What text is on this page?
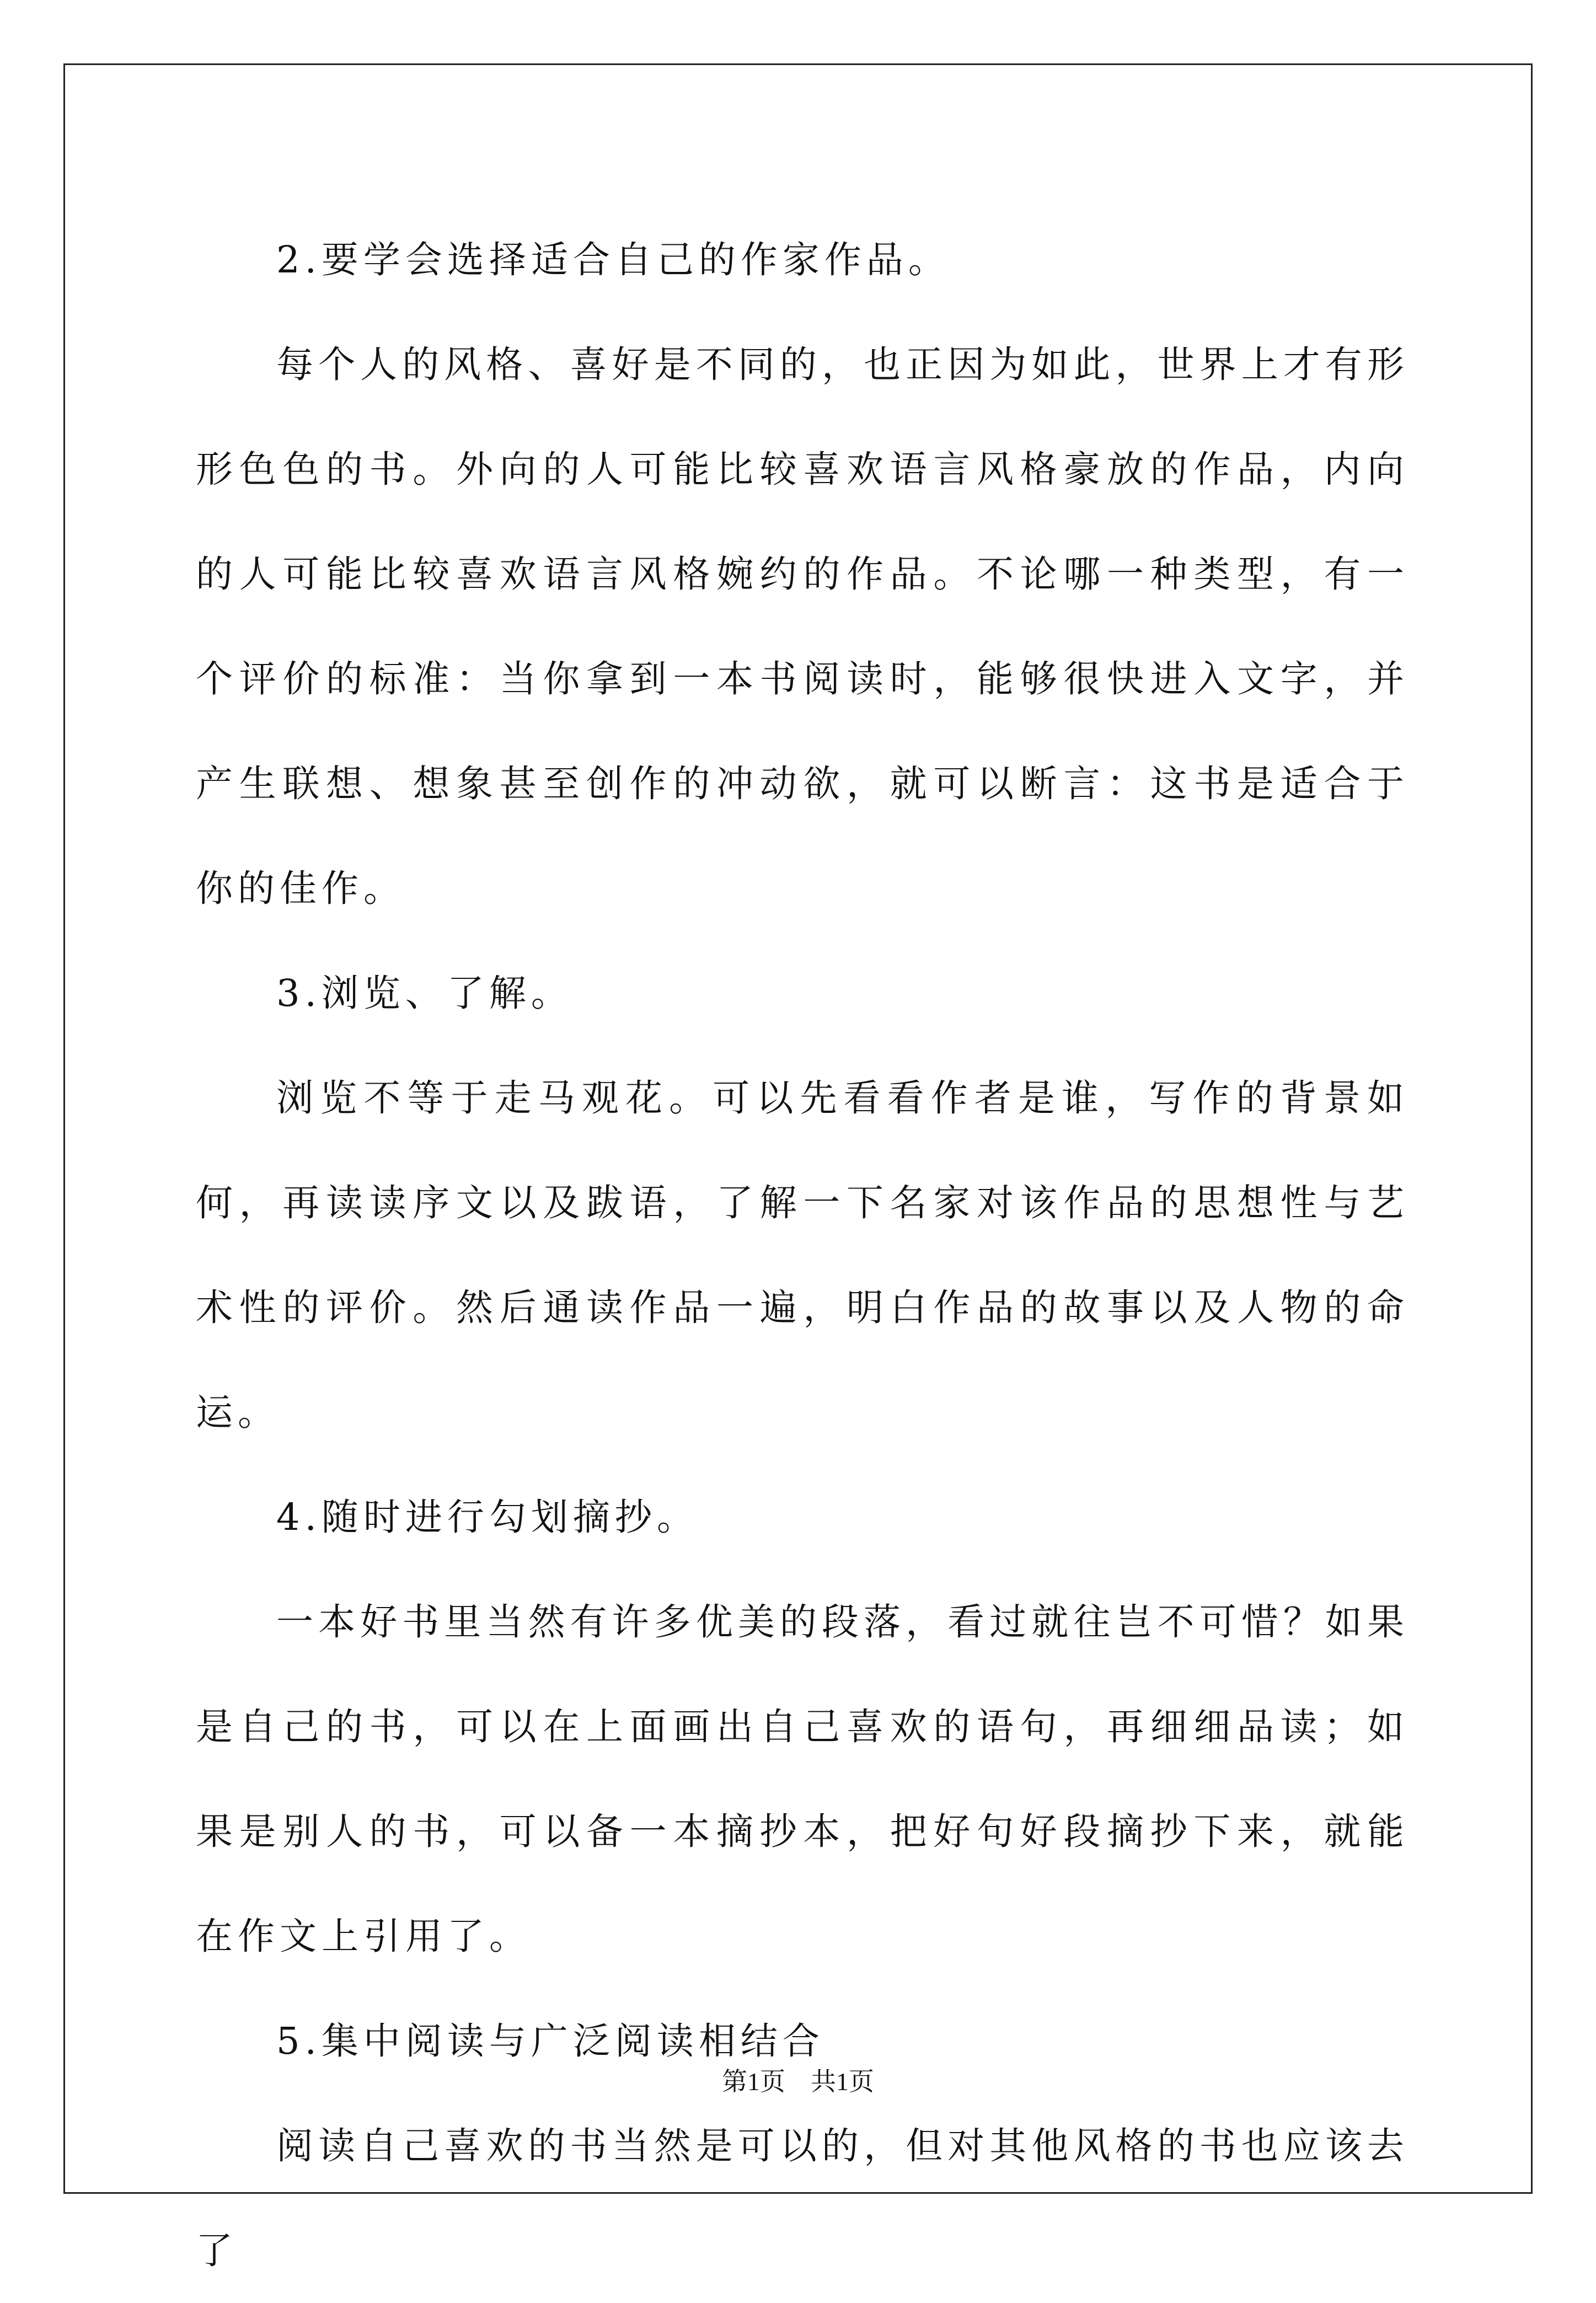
2.要学会选择适合自己的作家作品。

每个人的风格、喜好是不同的，也正因为如此，世界上才有形形色色的书。外向的人可能比较喜欢语言风格豪放的作品，内向的人可能比较喜欢语言风格婉约的作品。不论哪一种类型，有一个评价的标准：当你拿到一本书阅读时，能够很快进入文字，并产生联想、想象甚至创作的冲动欲，就可以断言：这书是适合于你的佳作。

3.浏览、了解。

浏览不等于走马观花。可以先看看作者是谁，写作的背景如何，再读读序文以及跋语，了解一下名家对该作品的思想性与艺术性的评价。然后通读作品一遍，明白作品的故事以及人物的命运。

4.随时进行勾划摘抄。

一本好书里当然有许多优美的段落，看过就往岂不可惜？如果是自己的书，可以在上面画出自己喜欢的语句，再细细品读；如果是别人的书，可以备一本摘抄本，把好句好段摘抄下来，就能在作文上引用了。

5.集中阅读与广泛阅读相结合

阅读自己喜欢的书当然是可以的，但对其他风格的书也应该去了

第1页　共1页
